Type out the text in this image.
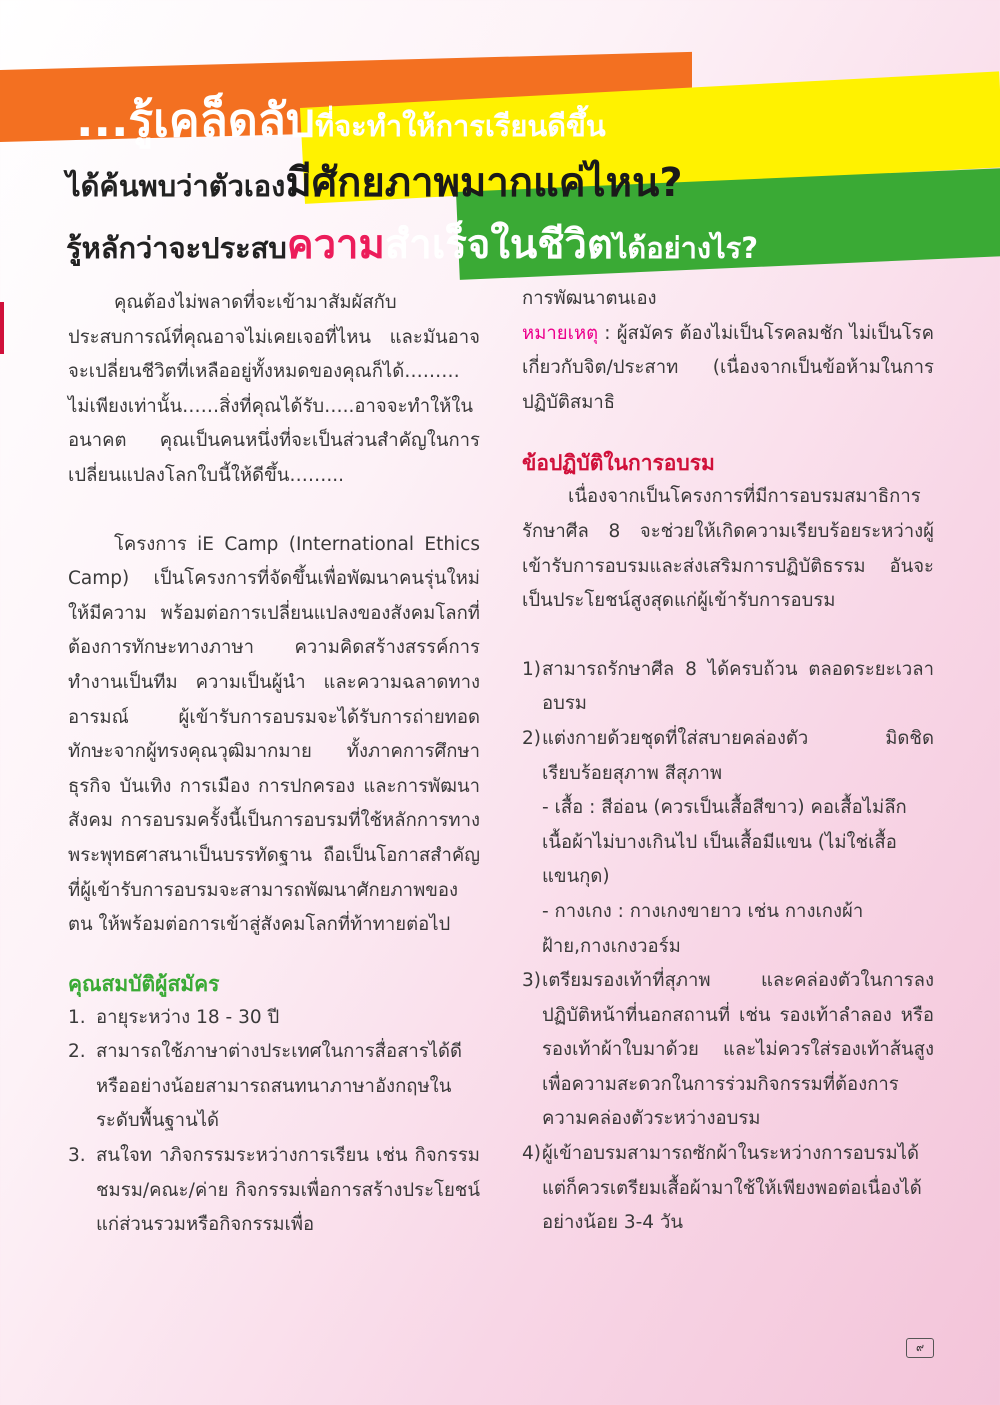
...รู้เคล็ดลับที่จะทำให้การเรียนดีขึ้น
ได้ค้นพบว่าตัวเองมีศักยภาพมากแค่ไหน?
รู้หลักว่าจะประสบความสำเร็จในชีวิตได้อย่างไร?

คุณต้องไม่พลาดที่จะเข้ามาสัมผัสกับประสบการณ์ที่คุณอาจไม่เคยเจอที่ไหน และมันอาจจะเปลี่ยนชีวิตที่เหลืออยู่ทั้งหมดของคุณก็ได้………ไม่เพียงเท่านั้น……สิ่งที่คุณได้รับ…..อาจจะทำให้ในอนาคต คุณเป็นคนหนึ่งที่จะเป็นส่วนสำคัญในการเปลี่ยนแปลงโลกใบนี้ให้ดีขึ้น……...

โครงการ iE Camp (International Ethics Camp) เป็นโครงการที่จัดขึ้นเพื่อพัฒนาคนรุ่นใหม่ให้มีความ พร้อมต่อการเปลี่ยนแปลงของสังคมโลกที่ต้องการทักษะทางภาษา ความคิดสร้างสรรค์การทำงานเป็นทีม ความเป็นผู้นำ และความฉลาดทางอารมณ์ ผู้เข้ารับการอบรมจะได้รับการถ่ายทอดทักษะจากผู้ทรงคุณวุฒิมากมาย ทั้งภาคการศึกษา ธุรกิจ บันเทิง การเมือง การปกครอง และการพัฒนาสังคม การอบรมครั้งนี้เป็นการอบรมที่ใช้หลักการทางพระพุทธศาสนาเป็นบรรทัดฐาน ถือเป็นโอกาสสำคัญที่ผู้เข้ารับการอบรมจะสามารถพัฒนาศักยภาพของตน ให้พร้อมต่อการเข้าสู่สังคมโลกที่ท้าทายต่อไป

คุณสมบัติผู้สมัคร
1. อายุระหว่าง 18 - 30 ปี
2. สามารถใช้ภาษาต่างประเทศในการสื่อสารได้ดี หรืออย่างน้อยสามารถสนทนาภาษาอังกฤษในระดับพื้นฐานได้
3. สนใจท าภิจกรรมระหว่างการเรียน เช่น กิจกรรม ชมรม/คณะ/ค่าย กิจกรรมเพื่อการสร้างประโยชน์แก่ส่วนรวมหรือกิจกรรมเพื่อ

การพัฒนาตนเอง

หมายเหตุ : ผู้สมัคร ต้องไม่เป็นโรคลมชัก ไม่เป็นโรคเกี่ยวกับจิต/ประสาท (เนื่องจากเป็นข้อห้ามในการปฏิบัติสมาธิ

ข้อปฏิบัติในการอบรม

เนื่องจากเป็นโครงการที่มีการอบรมสมาธิการรักษาศีล 8 จะช่วยให้เกิดความเรียบร้อยระหว่างผู้เข้ารับการอบรมและส่งเสริมการปฏิบัติธรรม อันจะเป็นประโยชน์สูงสุดแก่ผู้เข้ารับการอบรม

1) สามารถรักษาศีล 8 ได้ครบถ้วน ตลอดระยะเวลาอบรม
2) แต่งกายด้วยชุดที่ใส่สบายคล่องตัว มิดชิด เรียบร้อยสุภาพ สีสุภาพ
- เสื้อ : สีอ่อน (ควรเป็นเสื้อสีขาว) คอเสื้อไม่ลึก เนื้อผ้าไม่บางเกินไป เป็นเสื้อมีแขน (ไม่ใช่เสื้อแขนกุด)
- กางเกง : กางเกงขายาว เช่น กางเกงผ้าฝ้าย,กางเกงวอร์ม
3) เตรียมรองเท้าที่สุภาพ และคล่องตัวในการลงปฏิบัติหน้าที่นอกสถานที่ เช่น รองเท้าลำลอง หรือรองเท้าผ้าใบมาด้วย และไม่ควรใส่รองเท้าส้นสูง เพื่อความสะดวกในการร่วมกิจกรรมที่ต้องการความคล่องตัวระหว่างอบรม
4) ผู้เข้าอบรมสามารถซักผ้าในระหว่างการอบรมได้ แต่ก็ควรเตรียมเสื้อผ้ามาใช้ให้เพียงพอต่อเนื่องได้อย่างน้อย 3-4 วัน
๙
